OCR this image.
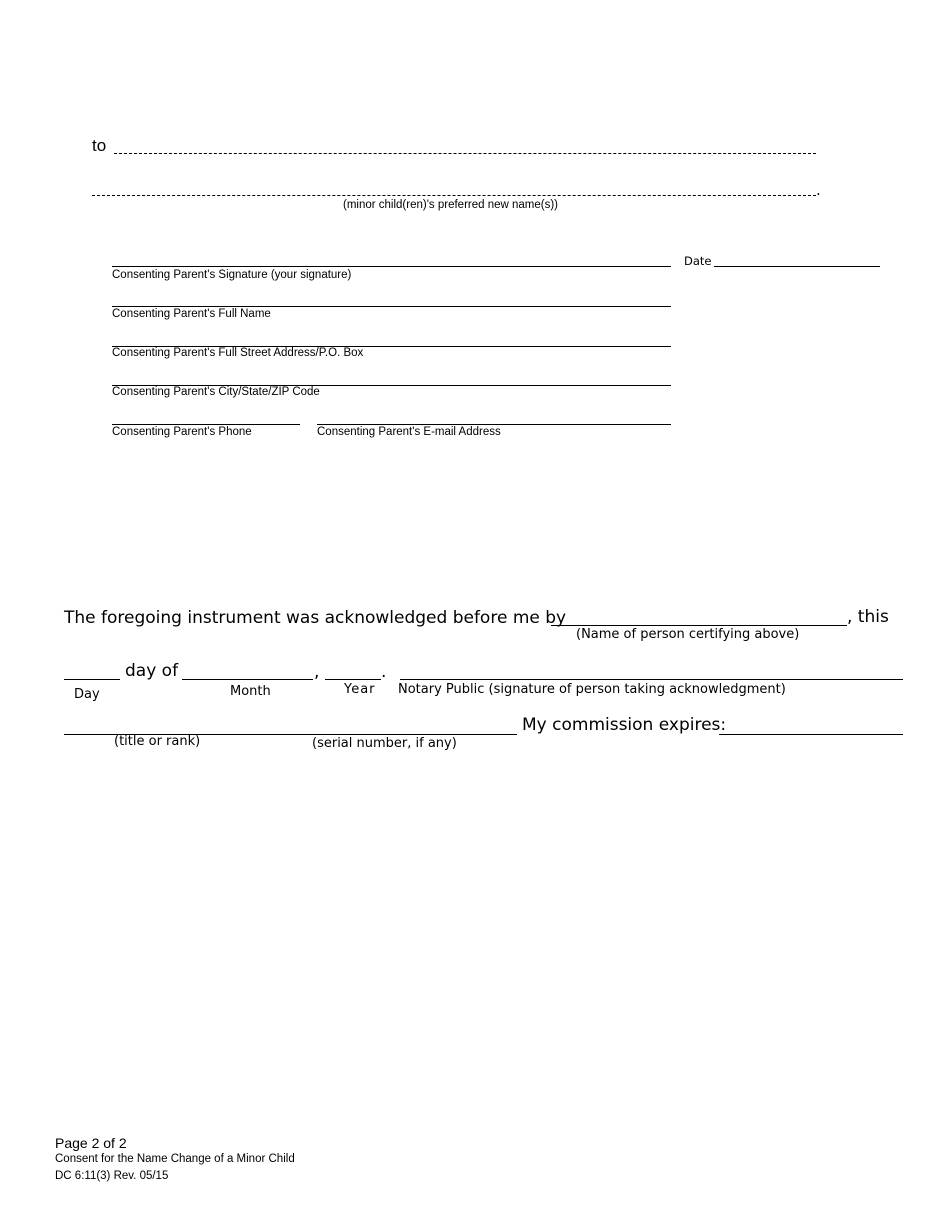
to
.
(minor child(ren)'s preferred new name(s))
Consenting Parent's Signature (your signature)
Date
Consenting Parent's Full Name
Consenting Parent's Full Street Address/P.O. Box
Consenting Parent's City/State/ZIP Code
Consenting Parent's Phone	Consenting Parent's E-mail Address
The foregoing instrument was acknowledged before me by	, this
(Name of person certifying above)
day of	,	.
Day	Month	Year Notary Public (signature of person taking acknowledgment)
My commission expires:
(title or rank)	(serial number, if any)
Page 2 of 2
Consent for the Name Change of a Minor Child
DC 6:11(3) Rev. 05/15
